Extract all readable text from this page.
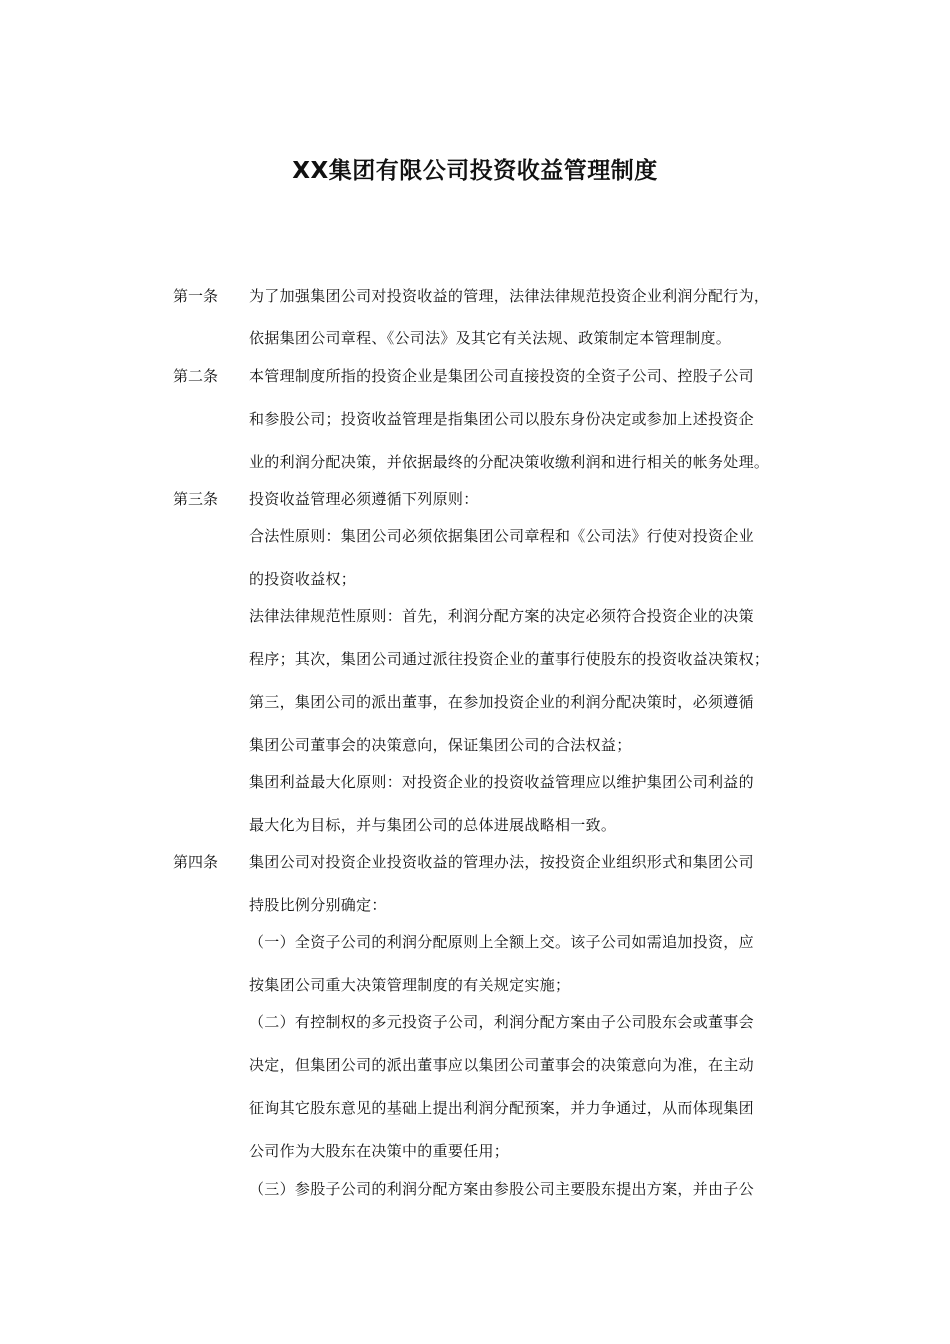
XX集团有限公司投资收益管理制度
第一条 为了加强集团公司对投资收益的管理，法律法律规范投资企业利润分配行为，
依据集团公司章程、《公司法》及其它有关法规、政策制定本管理制度。
第二条 本管理制度所指的投资企业是集团公司直接投资的全资子公司、控股子公司
和参股公司；投资收益管理是指集团公司以股东身份决定或参加上述投资企
业的利润分配决策，并依据最终的分配决策收缴利润和进行相关的帐务处理。
第三条 投资收益管理必须遵循下列原则：
合法性原则：集团公司必须依据集团公司章程和《公司法》行使对投资企业
的投资收益权；
法律法律规范性原则：首先，利润分配方案的决定必须符合投资企业的决策
程序；其次，集团公司通过派往投资企业的董事行使股东的投资收益决策权；
第三，集团公司的派出董事，在参加投资企业的利润分配决策时，必须遵循
集团公司董事会的决策意向，保证集团公司的合法权益；
集团利益最大化原则：对投资企业的投资收益管理应以维护集团公司利益的
最大化为目标，并与集团公司的总体进展战略相一致。
第四条 集团公司对投资企业投资收益的管理办法，按投资企业组织形式和集团公司
持股比例分别确定：
（一）全资子公司的利润分配原则上全额上交。该子公司如需追加投资，应
按集团公司重大决策管理制度的有关规定实施；
（二）有控制权的多元投资子公司，利润分配方案由子公司股东会或董事会
决定，但集团公司的派出董事应以集团公司董事会的决策意向为准，在主动
征询其它股东意见的基础上提出利润分配预案，并力争通过，从而体现集团
公司作为大股东在决策中的重要任用；
（三）参股子公司的利润分配方案由参股公司主要股东提出方案，并由子公
